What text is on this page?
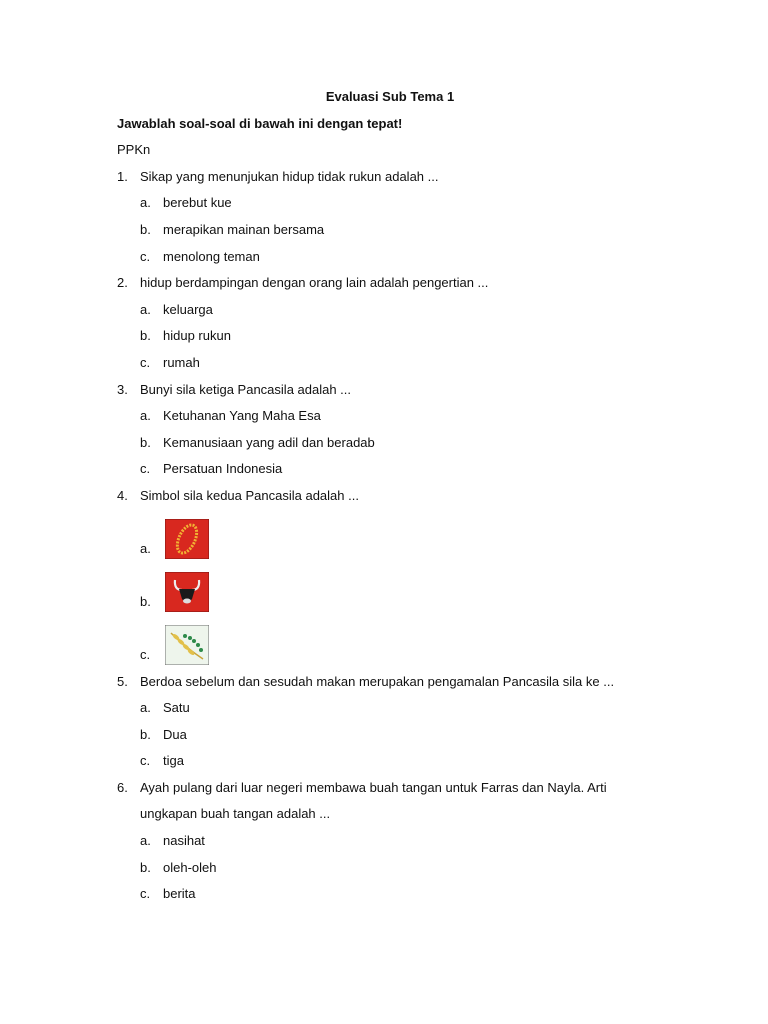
Evaluasi Sub Tema 1
Jawablah soal-soal di bawah ini dengan tepat!
PPKn
1. Sikap yang menunjukan hidup tidak rukun adalah ...
a. berebut kue
b. merapikan mainan bersama
c. menolong teman
2. hidup berdampingan dengan orang lain adalah pengertian ...
a. keluarga
b. hidup rukun
c. rumah
3. Bunyi sila ketiga Pancasila adalah ...
a. Ketuhanan Yang Maha Esa
b. Kemanusiaan yang adil dan beradab
c. Persatuan Indonesia
4. Simbol sila kedua Pancasila adalah ...
a.
b.
c.
5. Berdoa sebelum dan sesudah makan merupakan pengamalan Pancasila sila ke ...
a. Satu
b. Dua
c. tiga
6. Ayah pulang dari luar negeri membawa buah tangan untuk Farras dan Nayla. Arti
ungkapan buah tangan adalah ...
a. nasihat
b. oleh-oleh
c. berita
